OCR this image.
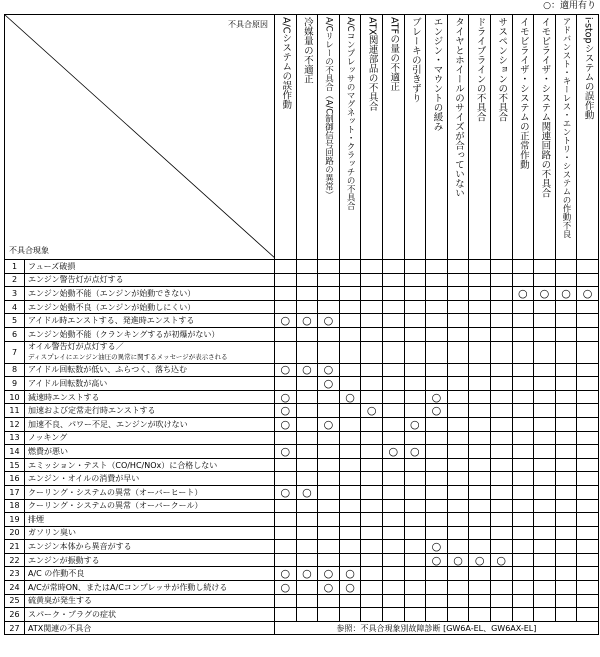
○：適用有り
不具合原因
不具合現象		A/Cシステムの誤作動	冷媒量の不適正	A/Cリレーの不具合（A/C制御信号回路の異常）	A/Cコンプレッサのマグネット・クラッチの不具合	ATX関連部品の不具合	ATFの量の不適正	ブレーキの引きずり	エンジン・マウントの緩み	タイヤとホイールのサイズが合っていない	ドライブラインの不具合	サスペンションの不具合	イモビライザ・システムの正常作動	イモビライザ・システム関連回路の不具合	アドバンスト・キーレス・エントリ・システムの作動不良	i-stopシステムの誤作動

1	フューズ破損															
2	エンジン警告灯が点灯する															
3	エンジン始動不能（エンジンが始動できない）												○	○	○	○
4	エンジン始動不良（エンジンが始動しにくい）															
5	アイドル時エンストする、発進時エンストする	○	○	○												
6	エンジン始動不能（クランキングするが初爆がない）															
7	オイル警告灯が点灯する／
ディスプレイにエンジン油圧の異常に関するメッセージが表示される															
8	アイドル回転数が低い、ふらつく、落ち込む	○	○	○												
9	アイドル回転数が高い			○												
10	減速時エンストする	○			○				○							
11	加速および定常走行時エンストする	○				○			○							
12	加速不良、パワー不足、エンジンが吹けない	○		○				○								
13	ノッキング															
14	燃費が悪い	○					○	○								
15	エミッション・テスト（CO/HC/NOx）に合格しない															
16	エンジン・オイルの消費が早い															
17	クーリング・システムの異常（オーバーヒート）	○	○													
18	クーリング・システムの異常（オーバークール）															
19	排煙															
20	ガソリン臭い															
21	エンジン本体から異音がする								○							
22	エンジンが振動する								○	○	○	○				
23	A/C の作動不良	○	○	○	○											
24	A/Cが常時ON、またはA/Cコンプレッサが作動し続ける	○		○	○											
25	硫黄臭が発生する															
26	スパーク・プラグの症状															
27	ATX関連の不具合	参照：不具合現象別故障診断 [GW6A-EL、GW6AX-EL]														
